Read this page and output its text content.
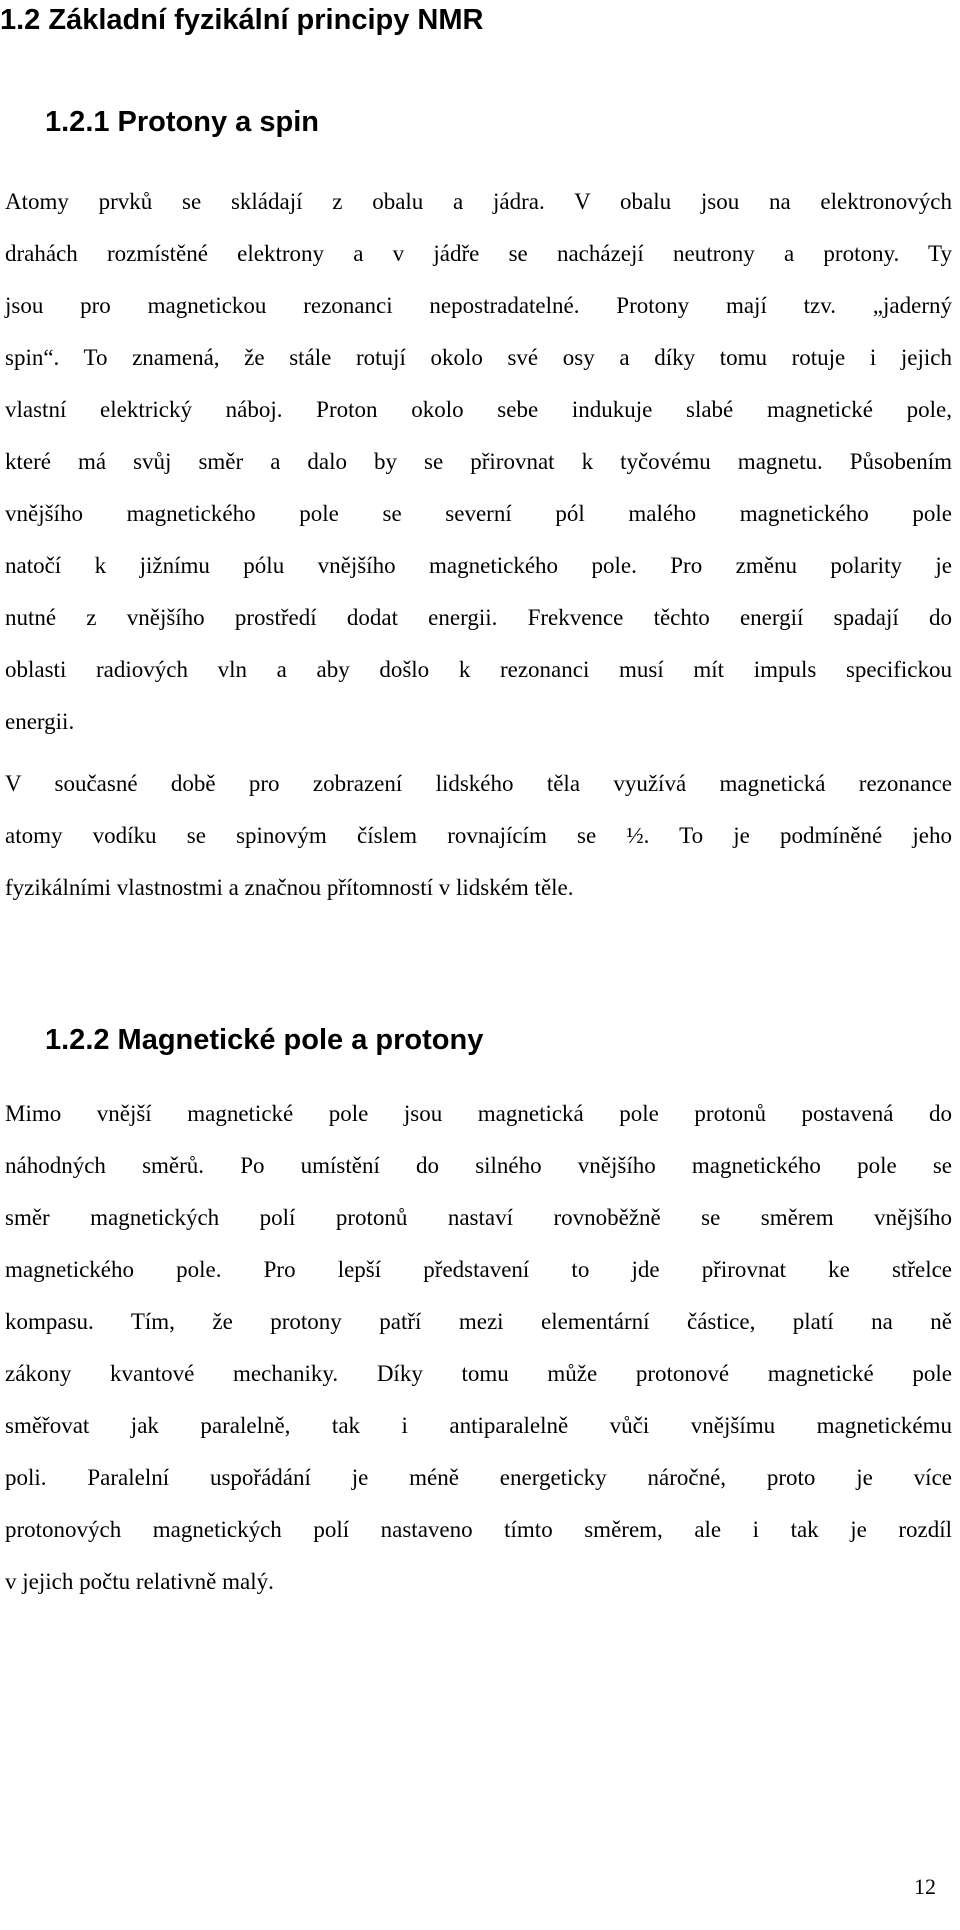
1.2 Základní fyzikální principy NMR
1.2.1 Protony a spin
Atomy prvků se skládají z obalu a jádra. V obalu jsou na elektronových
drahách rozmístěné elektrony a v jádře se nacházejí neutrony a protony. Ty
jsou pro magnetickou rezonanci nepostradatelné. Protony mají tzv. „jaderný
spin“. To znamená, že stále rotují okolo své osy a díky tomu rotuje i jejich
vlastní elektrický náboj. Proton okolo sebe indukuje slabé magnetické pole,
které má svůj směr a dalo by se přirovnat k tyčovému magnetu. Působením
vnějšího magnetického pole se severní pól malého magnetického pole
natočí k jižnímu pólu vnějšího magnetického pole. Pro změnu polarity je
nutné z vnějšího prostředí dodat energii. Frekvence těchto energií spadají do
oblasti radiových vln a aby došlo k rezonanci musí mít impuls specifickou
energii.
V současné době pro zobrazení lidského těla využívá magnetická rezonance
atomy vodíku se spinovým číslem rovnajícím se ½. To je podmíněné jeho
fyzikálními vlastnostmi a značnou přítomností v lidském těle.
1.2.2 Magnetické pole a protony
Mimo vnější magnetické pole jsou magnetická pole protonů postavená do
náhodných směrů. Po umístění do silného vnějšího magnetického pole se
směr magnetických polí protonů nastaví rovnoběžně se směrem vnějšího
magnetického pole. Pro lepší představení to jde přirovnat ke střelce
kompasu. Tím, že protony patří mezi elementární částice, platí na ně
zákony kvantové mechaniky. Díky tomu může protonové magnetické pole
směřovat jak paralelně, tak i antiparalelně vůči vnějšímu magnetickému
poli. Paralelní uspořádání je méně energeticky náročné, proto je více
protonových magnetických polí nastaveno tímto směrem, ale i tak je rozdíl
v jejich počtu relativně malý.
12
